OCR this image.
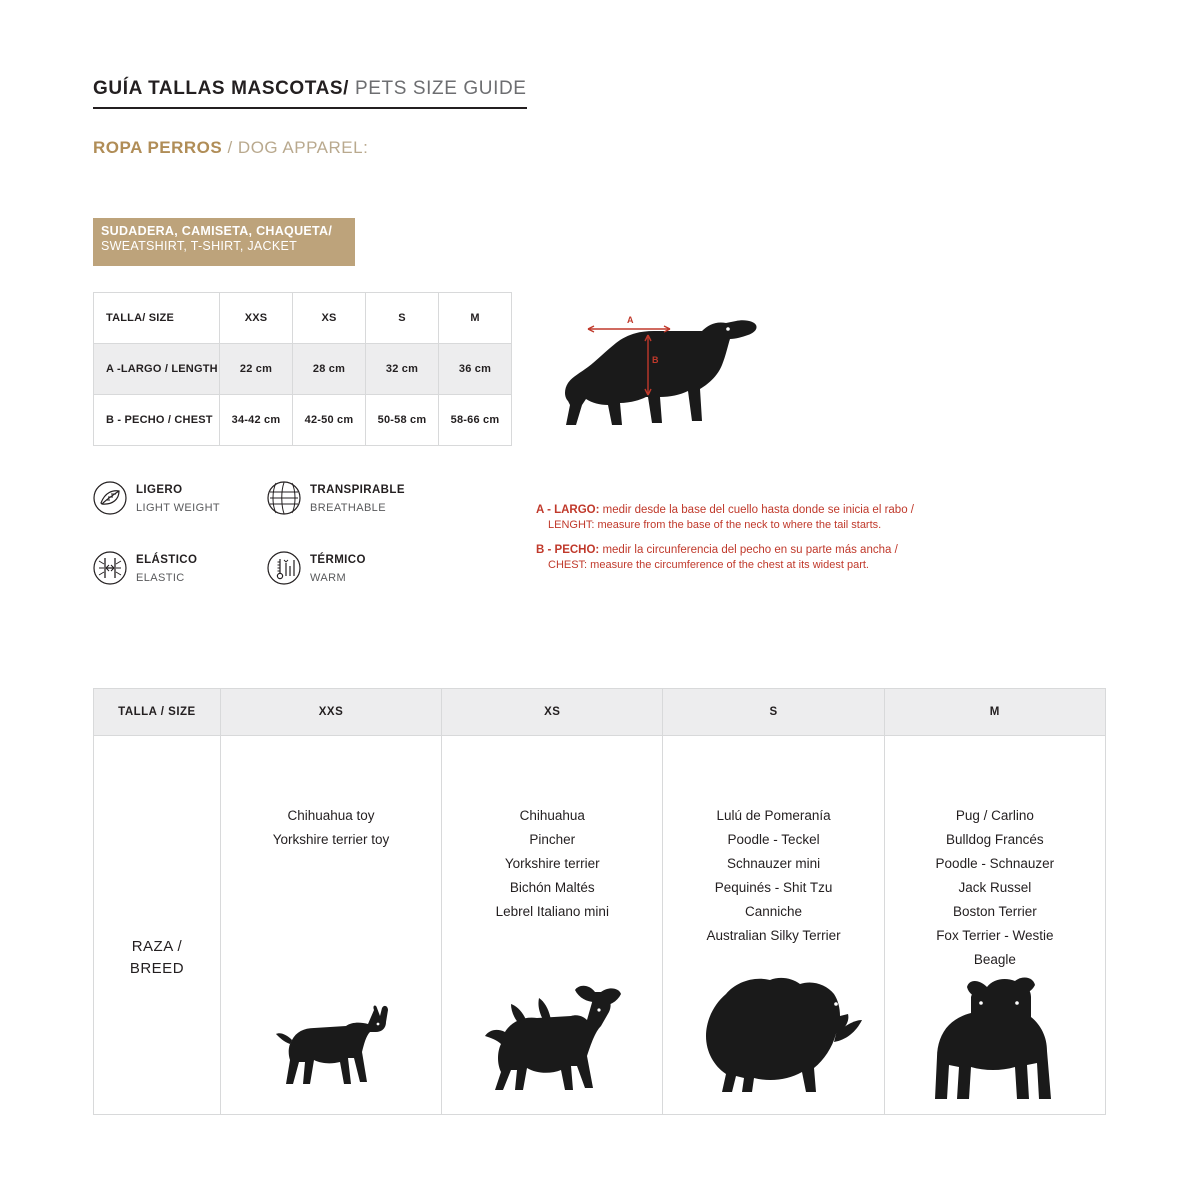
GUÍA TALLAS MASCOTAS/ PETS SIZE GUIDE
ROPA PERROS / DOG APPAREL:
SUDADERA, CAMISETA, CHAQUETA/
SWEATSHIRT, T-SHIRT, JACKET
TALLA/ SIZE	XXS	XS	S	M
A -LARGO / LENGTH	22 cm	28 cm	32 cm	36 cm
B - PECHO / CHEST	34-42 cm	42-50 cm	50-58 cm	58-66 cm
LIGERO
LIGHT WEIGHT
TRANSPIRABLE
BREATHABLE
ELÁSTICO
ELASTIC
TÉRMICO
WARM
A
B
A - LARGO: medir desde la base del cuello hasta donde se inicia el rabo /
LENGHT: measure from the base of the neck to where the tail starts.
B - PECHO: medir la circunferencia del pecho en su parte más ancha /
CHEST: measure the circumference of the chest at its widest part.
TALLA / SIZE	XXS	XS	S	M

RAZA /
BREED

Chihuahua toy
Yorkshire terrier toy

Chihuahua
Pincher
Yorkshire terrier
Bichón Maltés
Lebrel Italiano mini

Lulú de Pomeranía
Poodle - Teckel
Schnauzer mini
Pequinés - Shit Tzu
Canniche
Australian Silky Terrier

Pug / Carlino
Bulldog Francés
Poodle - Schnauzer
Jack Russel
Boston Terrier
Fox Terrier - Westie
Beagle
